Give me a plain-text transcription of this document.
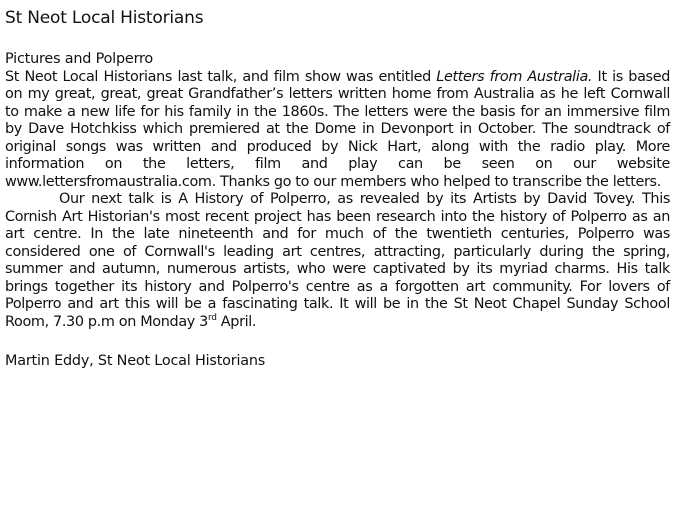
St Neot Local Historians

Pictures and Polperro

St Neot Local Historians last talk, and film show was entitled Letters from Australia. It is based on my great, great, great Grandfather’s letters written home from Australia as he left Cornwall to make a new life for his family in the 1860s. The letters were the basis for an immersive film by Dave Hotchkiss which premiered at the Dome in Devonport in October. The soundtrack of original songs was written and produced by Nick Hart, along with the radio play. More information on the letters, film and play can be seen on our website www.lettersfromaustralia.com. Thanks go to our members who helped to transcribe the letters.

Our next talk is A History of Polperro, as revealed by its Artists by David Tovey. This Cornish Art Historian's most recent project has been research into the history of Polperro as an art centre. In the late nineteenth and for much of the twentieth centuries, Polperro was considered one of Cornwall's leading art centres, attracting, particularly during the spring, summer and autumn, numerous artists, who were captivated by its myriad charms. His talk brings together its history and Polperro's centre as a forgotten art community. For lovers of Polperro and art this will be a fascinating talk. It will be in the St Neot Chapel Sunday School Room, 7.30 p.m on Monday 3rd April.

Martin Eddy, St Neot Local Historians
